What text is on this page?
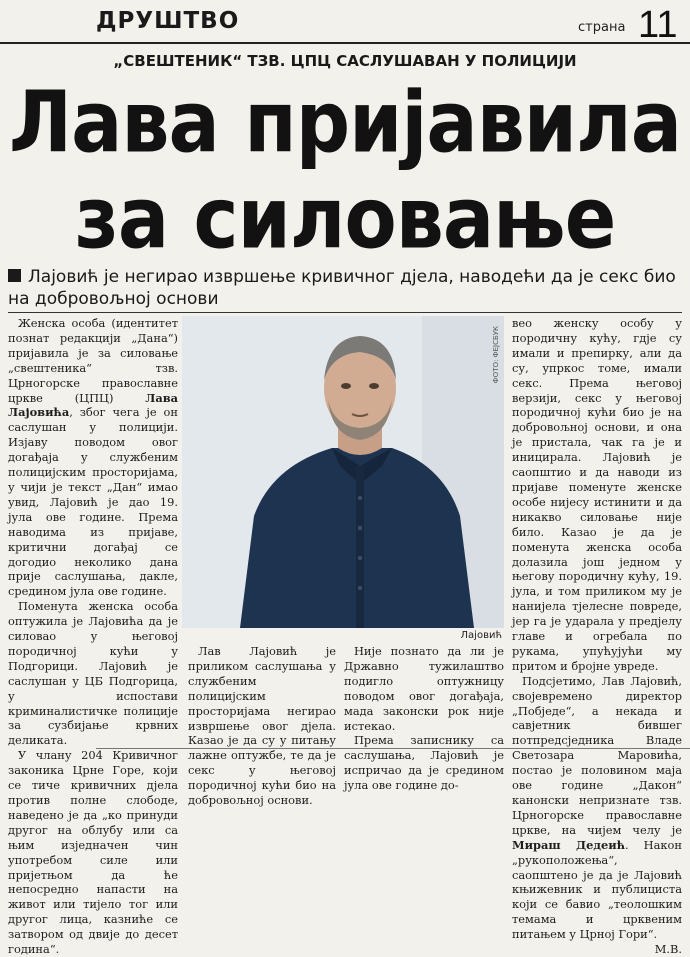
ДРУШТВО	страна 11
„СВЕШТЕНИК“ ТЗВ. ЦПЦ САСЛУШАВАН У ПОЛИЦИЈИ
Лава пријавила
за силовање
Лајовић је негирао извршење кривичног дјела, наводећи да је секс био на добровољној основи

Женска особа (идентитет познат редакцији „Дана“) пријавила је за силовање „свештеника“ тзв. Црногорске православне цркве (ЦПЦ) Лава Лајовића, због чега је он саслушан у полицији. Изјаву поводом овог догађаја у службеним полицијским просторијама, у чији је текст „Дан“ имао увид, Лајовић је дао 19. јула ове године. Према наводима из пријаве, критични догађај се догодио неколико дана прије саслушања, дакле, средином јула ове године.

Поменута женска особа оптужила је Лајовића да је силовао у његовој породичној кући у Подгорици. Лајовић је саслушан у ЦБ Подгорица, у испостави криминалистичке полиције за сузбијање крвних деликата.

У члану 204 Кривичног законика Црне Горе, који се тиче кривичних дјела против полне слободе, наведено је да „ко принуди другог на облубу или са њим изједначен чин употребом силе или пријетњом да ће непосредно напасти на живот или тијело тог или другог лица, казниће се затвором од двије до десет година“.

ФОТО: ФЕЈСБУК
Лајовић

Лав Лајовић је приликом саслушања у службеним полицијским просторијама негирао извршење овог дјела. Казао је да су у питању лажне оптужбе, те да је секс у његовој породичној кући био на добровољној основи.

Није познато да ли је Државно тужилаштво подигло оптужницу поводом овог догађаја, мада законски рок није истекао.

Према записнику са саслушања, Лајовић је испричао да је средином јула ове године до-

вео женску особу у породичну кућу, гдје су имали и препирку, али да су, упркос томе, имали секс. Према његовој верзији, секс у његовој породичној кући био је на добровољној основи, и она је пристала, чак га је и иницирала. Лајовић је саопштио и да наводи из пријаве поменуте женске особе нијесу истинити и да никакво силовање није било. Казао је да је поменута женска особа долазила још једном у његову породичну кућу, 19. јула, и том приликом му је нанијела тјелесне повреде, јер га је ударала у предјелу главе и огребала по рукама, упућујући му притом и бројне увреде.

Подсјетимо, Лав Лајовић, својевремено директор „Побједе“, а некада и савјетник бившег потпредсједника Владе Светозара Маровића, постао је половином маја ове године „Дакон“ канонски непризнате тзв. Црногорске православне цркве, на чијем челу је Мираш Дедеић. Након „рукоположења“, саопштено је да је Лајовић књижевник и публициста који се бавио „теолошким темама и црквеним питањем у Црној Гори“.

М.В.
